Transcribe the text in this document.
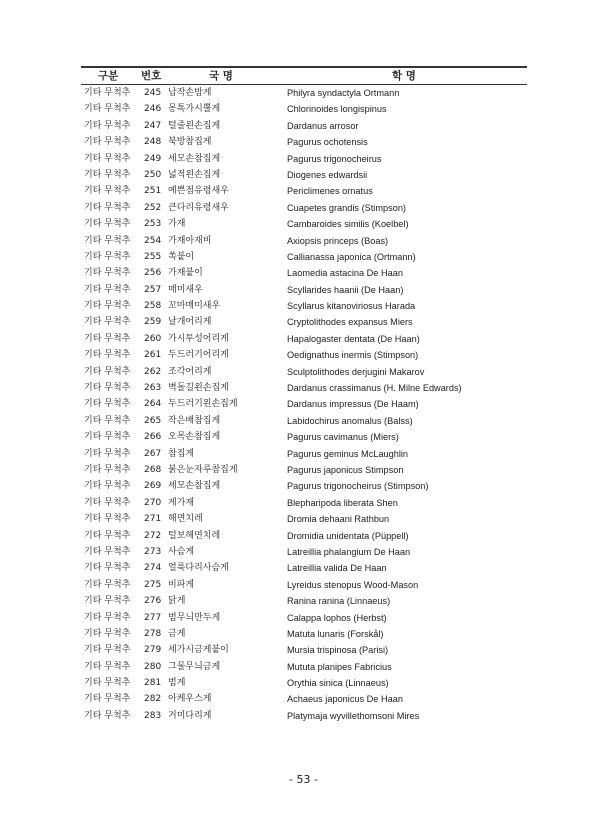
구분 번호	국 명	학 명
기타 무척추 245 납작손밤게	Philyra syndactyla Ortmann
기타 무척추 246 몽톡가시뿔게	Chlorinoides longispinus
기타 무척추 247 털줄왼손집게	Dardanus arrosor
기타 무척추 248 북방참집게	Pagurus ochotensis
기타 무척추 249 세모손참집게	Pagurus trigonocheirus
기타 무척추 250 넓적왼손집게	Diogenes edwardsii
기타 무척추 251 예쁜점유령새우	Periclimenes ornatus
기타 무척추 252 큰다리유령새우	Cuapetes grandis (Stimpson)
기타 무척추 253 가재	Cambaroides similis (Koelbel)
기타 무척추 254 가재아재비	Axiopsis princeps (Boas)
기타 무척추 255 쏙붙이	Callianassa japonica (Ortmann)
기타 무척추 256 가재붙이	Laomedia astacina De Haan
기타 무척추 257 매미새우	Scyllarides haanii (De Haan)
기타 무척추 258 꼬마매미새우	Scyllarus kitanoviriosus Harada
기타 무척추 259 날개어리게	Cryptolithodes expansus Miers
기타 무척추 260 가시투성어리게	Hapalogaster dentata (De Haan)
기타 무척추 261 두드러기어리게	Oedignathus inermis (Stimpson)
기타 무척추 262 조각어리게	Sculptolithodes derjugini Makarov
기타 무척추 263 벽돌길왼손집게	Dardanus crassimanus (H. Milne Edwards)
기타 무척추 264 두드러기왼손집게	Dardanus impressus (De Haam)
기타 무척추 265 작은배참집게	Labidochirus anomalus (Balss)
기타 무척추 266 오목손참집게	Pagurus cavimanus (Miers)
기타 무척추 267 참집게	Pagurus geminus McLaughlin
기타 무척추 268 붉은눈자루참집게	Pagurus japonicus Stimpson
기타 무척추 269 세모손참집게	Pagurus trigonocheirus (Stimpson)
기타 무척추 270 게가재	Blepharipoda liberata Shen
기타 무척추 271 해면치레	Dromia dehaani Rathbun
기타 무척추 272 털보해면치레	Dromidia unidentata (Püppell)
기타 무척추 273 사슴게	Latreillia phalangium De Haan
기타 무척추 274 얼룩다리사슴게	Latreillia valida De Haan
기타 무척추 275 비파게	Lyreidus stenopus Wood-Mason
기타 무척추 276 닭게	Ranina ranina (Linnaeus)
기타 무척추 277 범무늬만두게	Calappa lophos (Herbst)
기타 무척추 278 금게	Matuta lunaris (Forskål)
기타 무척추 279 세가시금게붙이	Mursia trispinosa (Parisi)
기타 무척추 280 그물무늬금게	Mututa planipes Fabricius
기타 무척추 281 범게	Orythia sinica (Linnaeus)
기타 무척추 282 아케우스게	Achaeus japonicus De Haan
기타 무척추 283 거미다리게	Platymaja wyvillethomsoni Mires
- 53 -
